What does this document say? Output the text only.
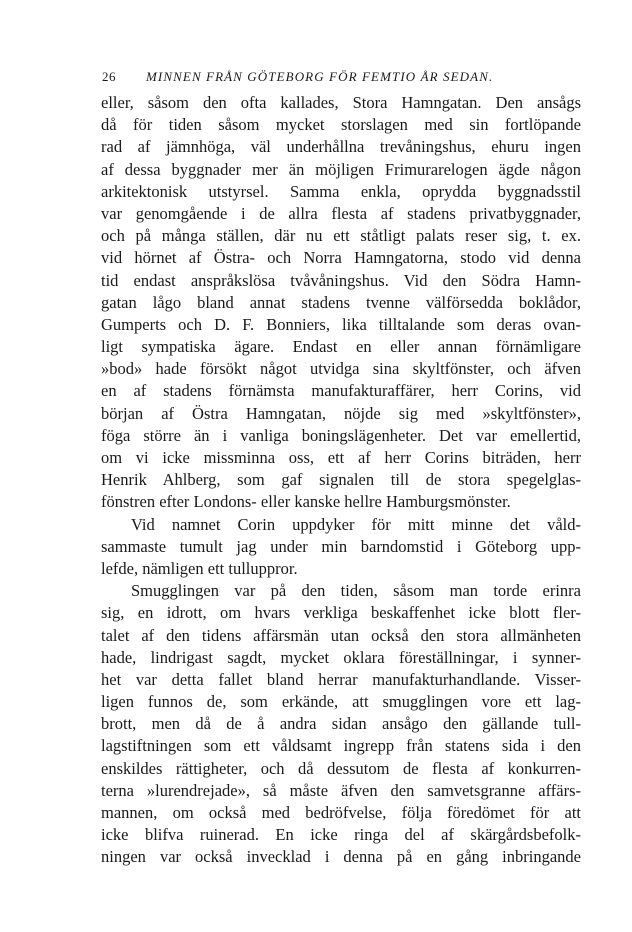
26 MINNEN FRÅN GÖTEBORG FÖR FEMTIO ÅR SEDAN.
eller, såsom den ofta kallades, Stora Hamngatan. Den ansågs
då för tiden såsom mycket storslagen med sin fortlöpande
rad af jämnhöga, väl underhållna trevåningshus, ehuru ingen
af dessa byggnader mer än möjligen Frimurarelogen ägde någon
arkitektonisk utstyrsel. Samma enkla, oprydda byggnadsstil
var genomgående i de allra flesta af stadens privatbyggnader,
och på många ställen, där nu ett ståtligt palats reser sig, t. ex.
vid hörnet af Östra- och Norra Hamngatorna, stodo vid denna
tid endast anspråkslösa tvåvåningshus. Vid den Södra Hamn-
gatan lågo bland annat stadens tvenne välförsedda boklådor,
Gumperts och D. F. Bonniers, lika tilltalande som deras ovan-
ligt sympatiska ägare. Endast en eller annan förnämligare
»bod» hade försökt något utvidga sina skyltfönster, och äfven
en af stadens förnämsta manufakturaffärer, herr Corins, vid
början af Östra Hamngatan, nöjde sig med »skyltfönster»,
föga större än i vanliga boningslägenheter. Det var emellertid,
om vi icke missminna oss, ett af herr Corins biträden, herr
Henrik Ahlberg, som gaf signalen till de stora spegelglas-
fönstren efter Londons- eller kanske hellre Hamburgsmönster.
Vid namnet Corin uppdyker för mitt minne det våld-
sammaste tumult jag under min barndomstid i Göteborg upp-
lefde, nämligen ett tulluppror.
Smugglingen var på den tiden, såsom man torde erinra
sig, en idrott, om hvars verkliga beskaffenhet icke blott fler-
talet af den tidens affärsmän utan också den stora allmänheten
hade, lindrigast sagdt, mycket oklara föreställningar, i synner-
het var detta fallet bland herrar manufakturhandlande. Visser-
ligen funnos de, som erkände, att smugglingen vore ett lag-
brott, men då de å andra sidan ansågo den gällande tull-
lagstiftningen som ett våldsamt ingrepp från statens sida i den
enskildes rättigheter, och då dessutom de flesta af konkurren-
terna »lurendrejade», så måste äfven den samvetsgranne affärs-
mannen, om också med bedröfvelse, följa föredömet för att
icke blifva ruinerad. En icke ringa del af skärgårdsbefolk-
ningen var också invecklad i denna på en gång inbringande
